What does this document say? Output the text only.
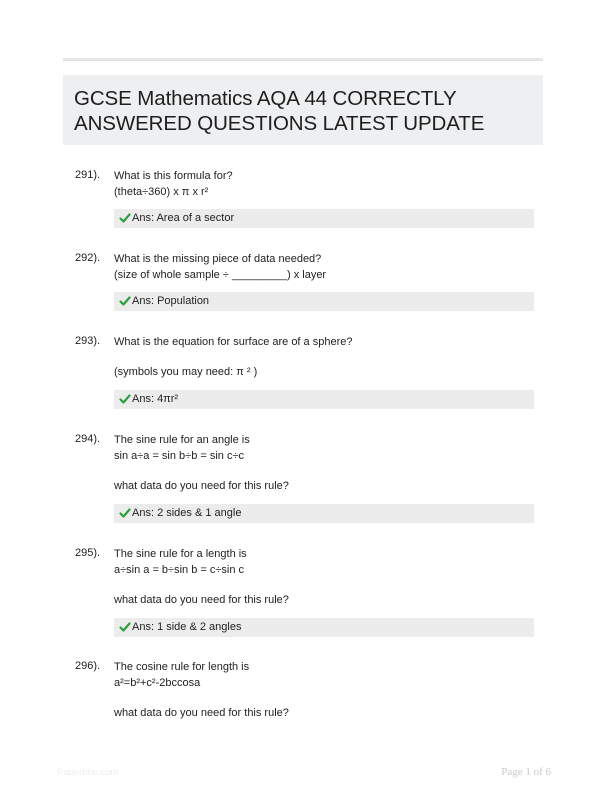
GCSE Mathematics AQA 44 CORRECTLY
ANSWERED QUESTIONS LATEST UPDATE
291). What is this formula for?
(theta÷360) x π x r²
Ans: Area of a sector
292). What is the missing piece of data needed?
(size of whole sample ÷ _________) x layer
Ans: Population
293). What is the equation for surface are of a sphere?
(symbols you may need: π ² )
Ans: 4πr²
294). The sine rule for an angle is
sin a÷a = sin b÷b = sin c÷c
what data do you need for this rule?
Ans: 2 sides & 1 angle
295). The sine rule for a length is
a÷sin a = b÷sin b = c÷sin c
what data do you need for this rule?
Ans: 1 side & 2 angles
296). The cosine rule for length is
a²=b²+c²-2bccosa
what data do you need for this rule?
Paperbbc.com	Page 1 of 6
